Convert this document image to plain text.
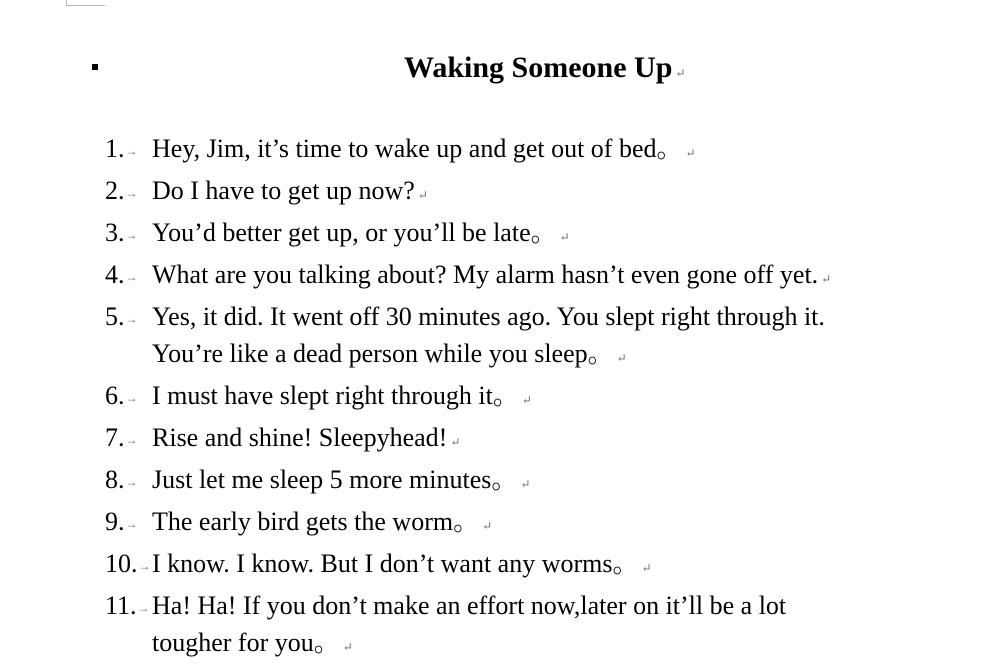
Waking Someone Up ↵
1.→ Hey, Jim, it’s time to wake up and get out of bed。 ↵
2.→ Do I have to get up now? ↵
3.→ You’d better get up, or you’ll be late。 ↵
4.→ What are you talking about? My alarm hasn’t even gone off yet. ↵
5.→ Yes, it did. It went off 30 minutes ago. You slept right through it.
You’re like a dead person while you sleep。 ↵
6.→ I must have slept right through it。 ↵
7.→ Rise and shine! Sleepyhead! ↵
8.→ Just let me sleep 5 more minutes。 ↵
9.→ The early bird gets the worm。 ↵
10.→ I know. I know. But I don’t want any worms。 ↵
11.→ Ha! Ha! If you don’t make an effort now,later on it’ll be a lot
tougher for you。 ↵
